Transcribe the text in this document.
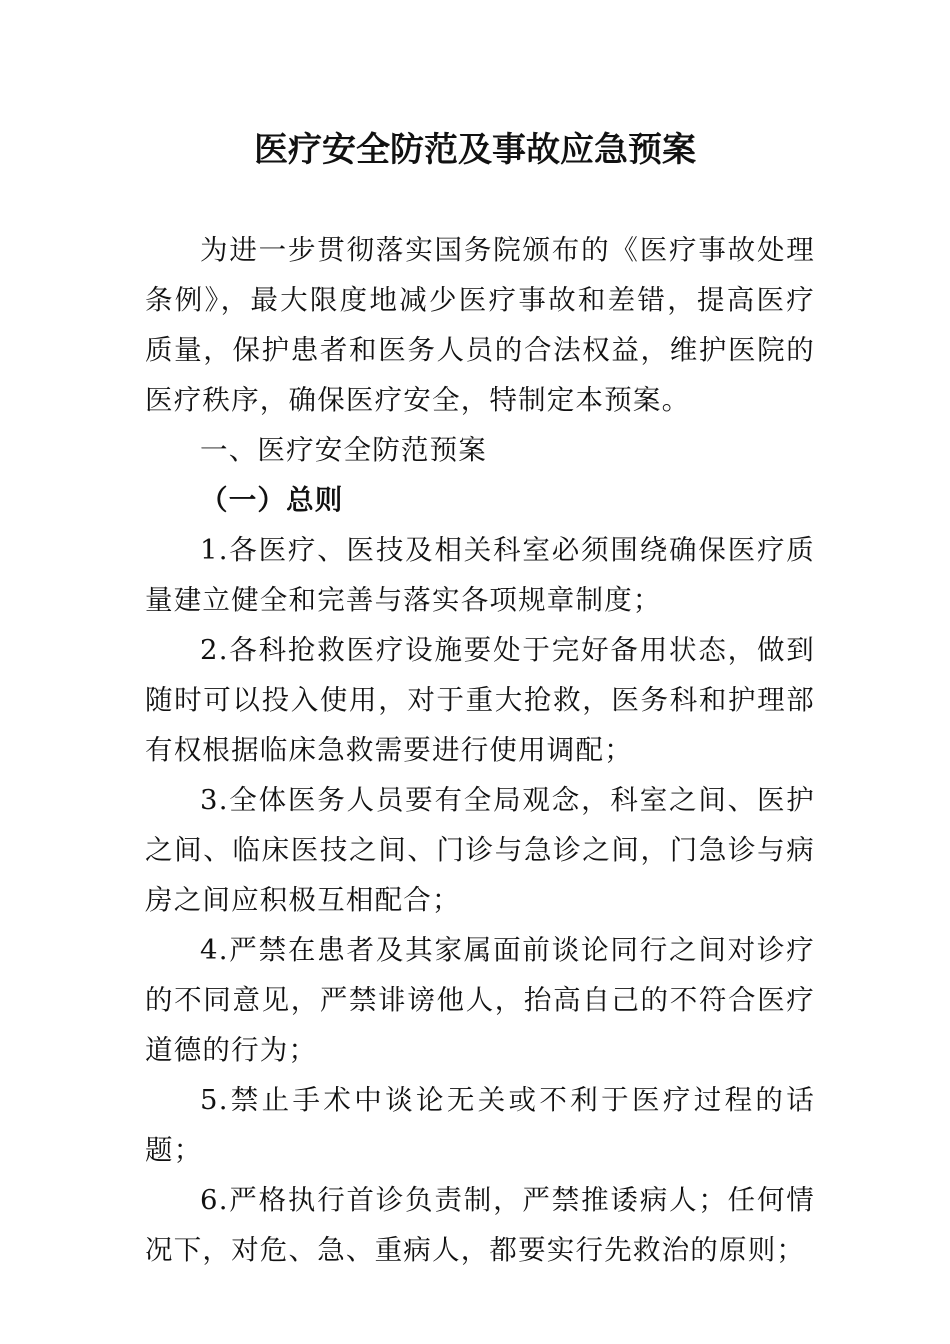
医疗安全防范及事故应急预案

为进一步贯彻落实国务院颁布的《医疗事故处理条例》，最大限度地减少医疗事故和差错，提高医疗质量，保护患者和医务人员的合法权益，维护医院的医疗秩序，确保医疗安全，特制定本预案。

一、医疗安全防范预案

（一）总则

1.各医疗、医技及相关科室必须围绕确保医疗质量建立健全和完善与落实各项规章制度；

2.各科抢救医疗设施要处于完好备用状态，做到随时可以投入使用，对于重大抢救，医务科和护理部有权根据临床急救需要进行使用调配；

3.全体医务人员要有全局观念，科室之间、医护之间、临床医技之间、门诊与急诊之间，门急诊与病房之间应积极互相配合；

4.严禁在患者及其家属面前谈论同行之间对诊疗的不同意见，严禁诽谤他人，抬高自己的不符合医疗道德的行为；

5.禁止手术中谈论无关或不利于医疗过程的话题；

6.严格执行首诊负责制，严禁推诿病人；任何情况下，对危、急、重病人，都要实行先救治的原则；
